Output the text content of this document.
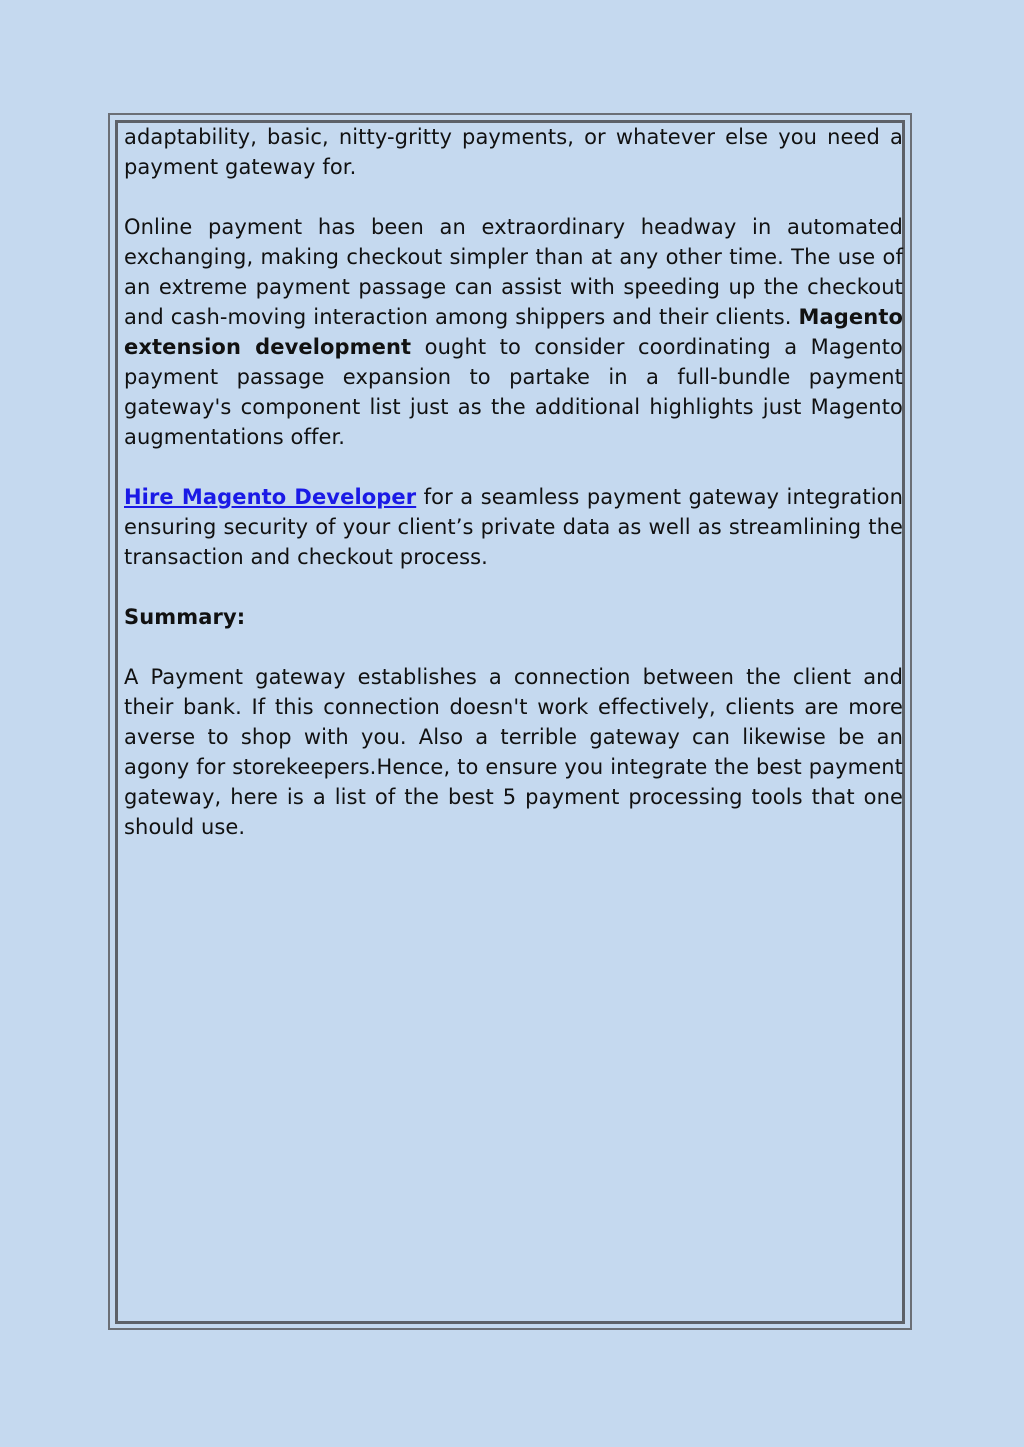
adaptability, basic, nitty-gritty payments, or whatever else you need a payment gateway for.

Online payment has been an extraordinary headway in automated exchanging, making checkout simpler than at any other time. The use of an extreme payment passage can assist with speeding up the checkout and cash-moving interaction among shippers and their clients. Magento extension development ought to consider coordinating a Magento payment passage expansion to partake in a full-bundle payment gateway's component list just as the additional highlights just Magento augmentations offer.

Hire Magento Developer for a seamless payment gateway integration ensuring security of your client’s private data as well as streamlining the transaction and checkout process.

Summary:

A Payment gateway establishes a connection between the client and their bank. If this connection doesn't work effectively, clients are more averse to shop with you. Also a terrible gateway can likewise be an agony for storekeepers.Hence, to ensure you integrate the best payment gateway, here is a list of the best 5 payment processing tools that one should use.
